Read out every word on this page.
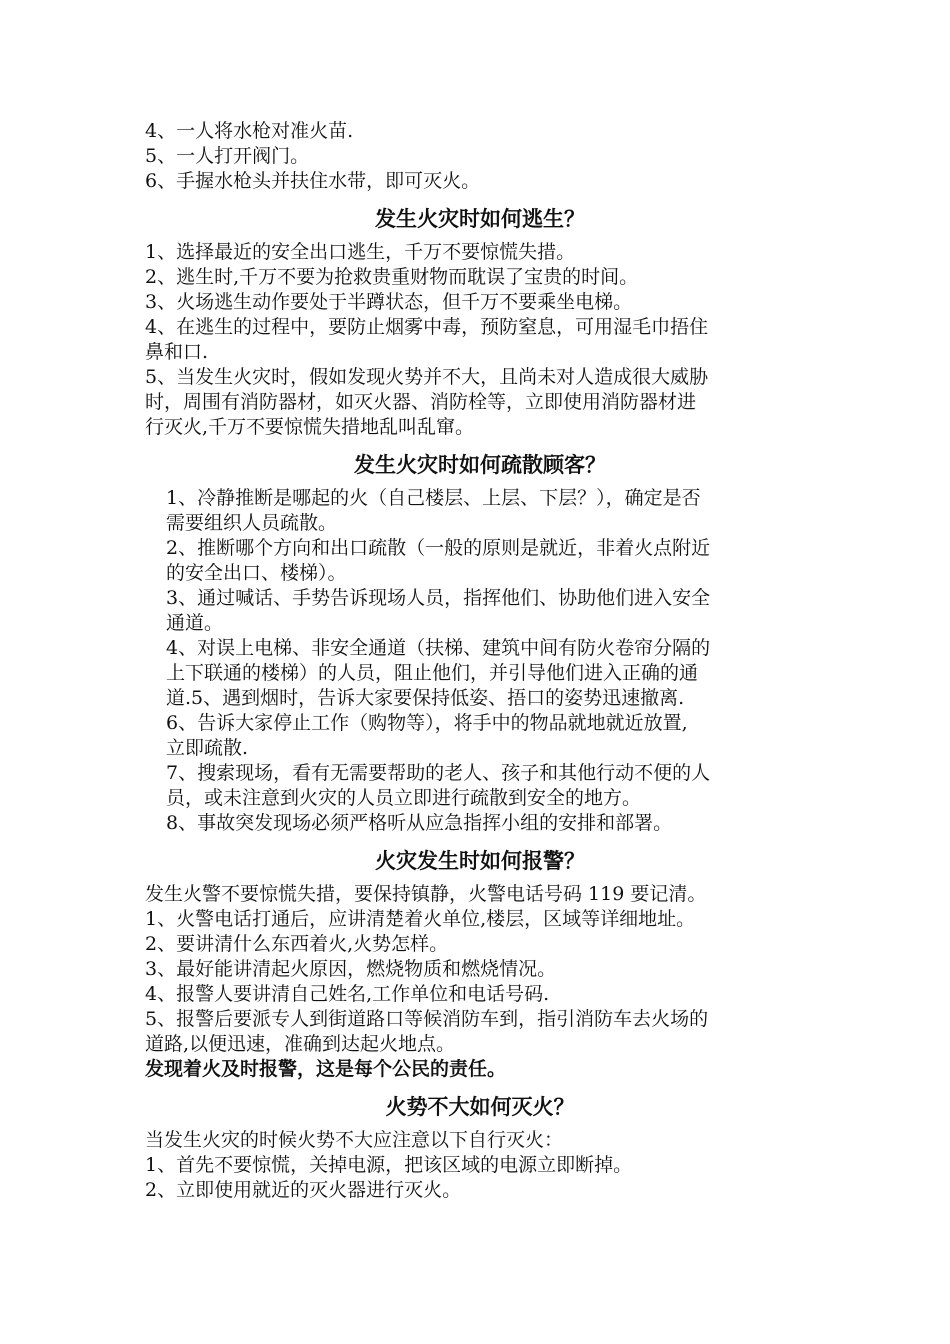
4、一人将水枪对准火苗.
5、一人打开阀门。
6、手握水枪头并扶住水带，即可灭火。
发生火灾时如何逃生？
1、选择最近的安全出口逃生，千万不要惊慌失措。
2、逃生时,千万不要为抢救贵重财物而耽误了宝贵的时间。
3、火场逃生动作要处于半蹲状态，但千万不要乘坐电梯。
4、在逃生的过程中，要防止烟雾中毒，预防窒息，可用湿毛巾捂住
鼻和口.
5、当发生火灾时，假如发现火势并不大，且尚未对人造成很大威胁
时，周围有消防器材，如灭火器、消防栓等，立即使用消防器材进
行灭火,千万不要惊慌失措地乱叫乱窜。
发生火灾时如何疏散顾客？
1、冷静推断是哪起的火（自己楼层、上层、下层？），确定是否
需要组织人员疏散。
2、推断哪个方向和出口疏散（一般的原则是就近，非着火点附近
的安全出口、楼梯）。
3、通过喊话、手势告诉现场人员，指挥他们、协助他们进入安全
通道。
4、对误上电梯、非安全通道（扶梯、建筑中间有防火卷帘分隔的
上下联通的楼梯）的人员，阻止他们，并引导他们进入正确的通
道.5、遇到烟时，告诉大家要保持低姿、捂口的姿势迅速撤离.
6、告诉大家停止工作（购物等），将手中的物品就地就近放置,
立即疏散.
7、搜索现场，看有无需要帮助的老人、孩子和其他行动不便的人
员，或未注意到火灾的人员立即进行疏散到安全的地方。
8、事故突发现场必须严格听从应急指挥小组的安排和部署。
火灾发生时如何报警？
发生火警不要惊慌失措，要保持镇静，火警电话号码 119 要记清。
1、火警电话打通后，应讲清楚着火单位,楼层，区域等详细地址。
2、要讲清什么东西着火,火势怎样。
3、最好能讲清起火原因，燃烧物质和燃烧情况。
4、报警人要讲清自己姓名,工作单位和电话号码.
5、报警后要派专人到街道路口等候消防车到，指引消防车去火场的
道路,以便迅速，准确到达起火地点。
发现着火及时报警，这是每个公民的责任。
火势不大如何灭火？
当发生火灾的时候火势不大应注意以下自行灭火：
1、首先不要惊慌，关掉电源，把该区域的电源立即断掉。
2、立即使用就近的灭火器进行灭火。
